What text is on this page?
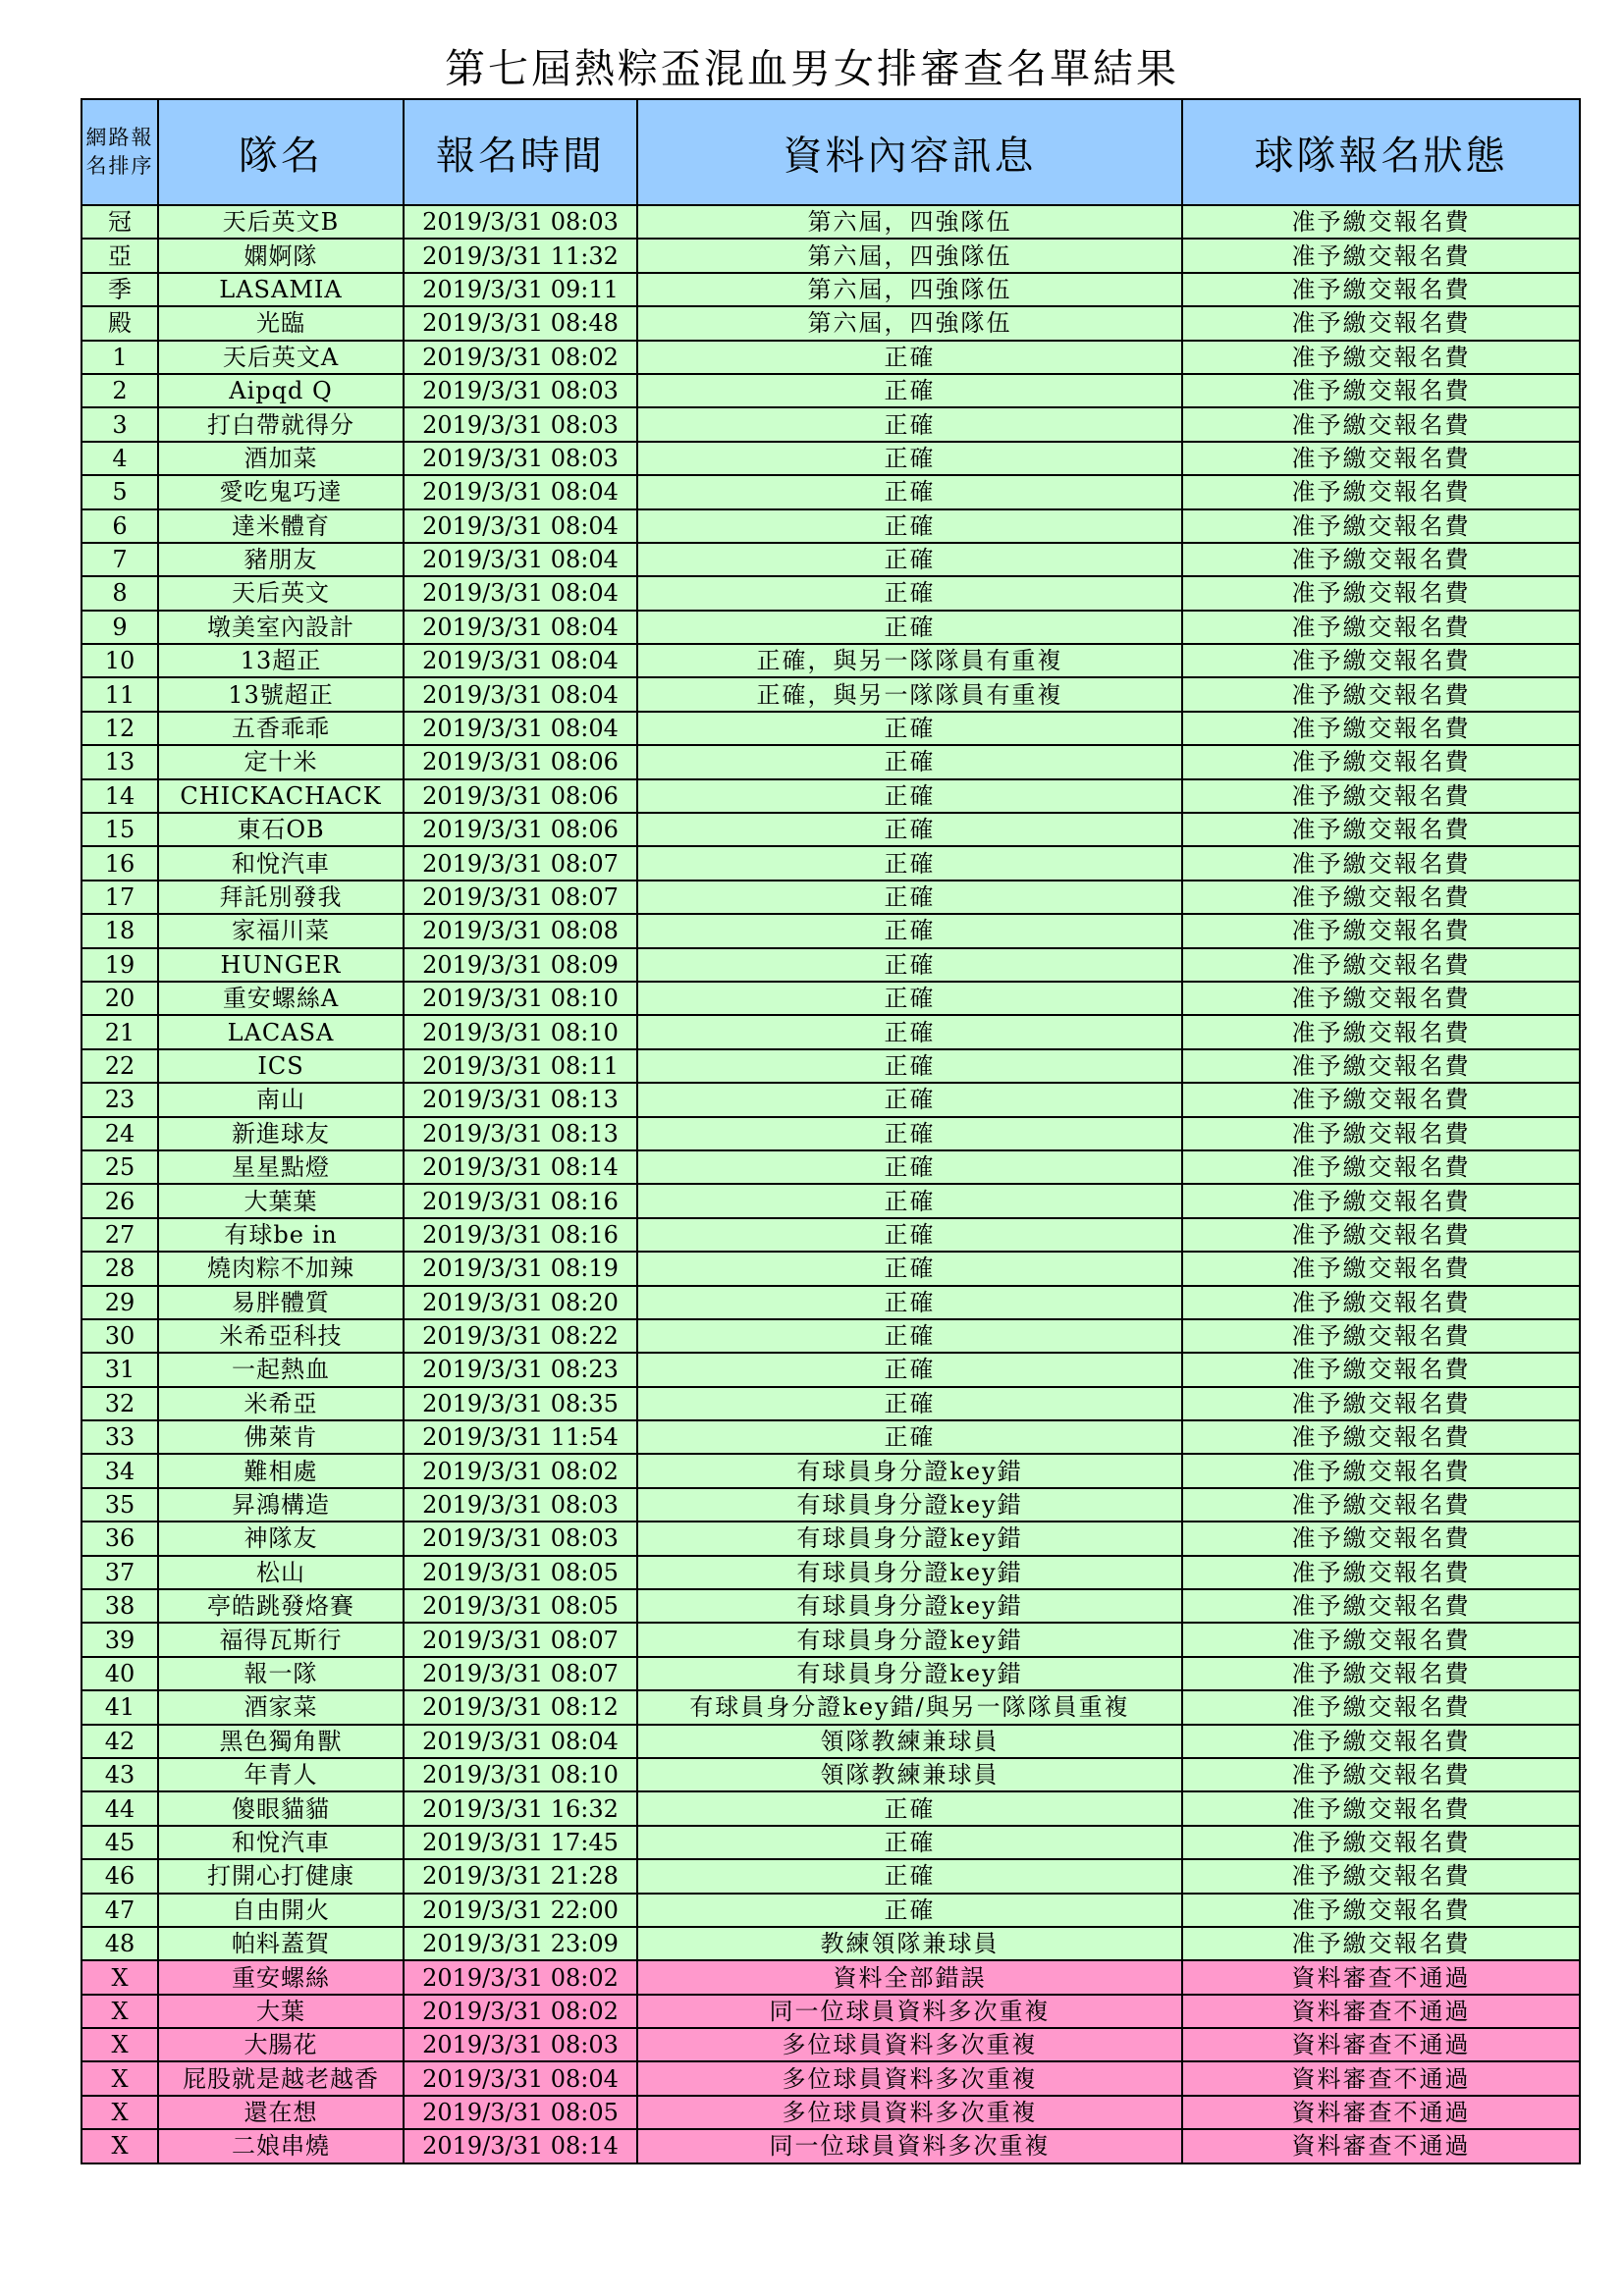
第七屆熱粽盃混血男女排審查名單結果
網路報名排序	隊名	報名時間	資料內容訊息	球隊報名狀態
冠	天后英文B	2019/3/31 08:03	第六屆，四強隊伍	准予繳交報名費
亞	嫻婀隊	2019/3/31 11:32	第六屆，四強隊伍	准予繳交報名費
季	LASAMIA	2019/3/31 09:11	第六屆，四強隊伍	准予繳交報名費
殿	光臨	2019/3/31 08:48	第六屆，四強隊伍	准予繳交報名費
1	天后英文A	2019/3/31 08:02	正確	准予繳交報名費
2	Aipqd Q	2019/3/31 08:03	正確	准予繳交報名費
3	打白帶就得分	2019/3/31 08:03	正確	准予繳交報名費
4	酒加菜	2019/3/31 08:03	正確	准予繳交報名費
5	愛吃鬼巧達	2019/3/31 08:04	正確	准予繳交報名費
6	達米體育	2019/3/31 08:04	正確	准予繳交報名費
7	豬朋友	2019/3/31 08:04	正確	准予繳交報名費
8	天后英文	2019/3/31 08:04	正確	准予繳交報名費
9	墩美室內設計	2019/3/31 08:04	正確	准予繳交報名費
10	13超正	2019/3/31 08:04	正確，與另一隊隊員有重複	准予繳交報名費
11	13號超正	2019/3/31 08:04	正確，與另一隊隊員有重複	准予繳交報名費
12	五香乖乖	2019/3/31 08:04	正確	准予繳交報名費
13	定十米	2019/3/31 08:06	正確	准予繳交報名費
14	CHICKACHACK	2019/3/31 08:06	正確	准予繳交報名費
15	東石OB	2019/3/31 08:06	正確	准予繳交報名費
16	和悅汽車	2019/3/31 08:07	正確	准予繳交報名費
17	拜託別發我	2019/3/31 08:07	正確	准予繳交報名費
18	家福川菜	2019/3/31 08:08	正確	准予繳交報名費
19	HUNGER	2019/3/31 08:09	正確	准予繳交報名費
20	重安螺絲A	2019/3/31 08:10	正確	准予繳交報名費
21	LACASA	2019/3/31 08:10	正確	准予繳交報名費
22	ICS	2019/3/31 08:11	正確	准予繳交報名費
23	南山	2019/3/31 08:13	正確	准予繳交報名費
24	新進球友	2019/3/31 08:13	正確	准予繳交報名費
25	星星點燈	2019/3/31 08:14	正確	准予繳交報名費
26	大葉葉	2019/3/31 08:16	正確	准予繳交報名費
27	有球be in	2019/3/31 08:16	正確	准予繳交報名費
28	燒肉粽不加辣	2019/3/31 08:19	正確	准予繳交報名費
29	易胖體質	2019/3/31 08:20	正確	准予繳交報名費
30	米希亞科技	2019/3/31 08:22	正確	准予繳交報名費
31	一起熱血	2019/3/31 08:23	正確	准予繳交報名費
32	米希亞	2019/3/31 08:35	正確	准予繳交報名費
33	佛萊肯	2019/3/31 11:54	正確	准予繳交報名費
34	難相處	2019/3/31 08:02	有球員身分證key錯	准予繳交報名費
35	昇鴻構造	2019/3/31 08:03	有球員身分證key錯	准予繳交報名費
36	神隊友	2019/3/31 08:03	有球員身分證key錯	准予繳交報名費
37	松山	2019/3/31 08:05	有球員身分證key錯	准予繳交報名費
38	亭皓跳發烙賽	2019/3/31 08:05	有球員身分證key錯	准予繳交報名費
39	福得瓦斯行	2019/3/31 08:07	有球員身分證key錯	准予繳交報名費
40	報一隊	2019/3/31 08:07	有球員身分證key錯	准予繳交報名費
41	酒家菜	2019/3/31 08:12	有球員身分證key錯/與另一隊隊員重複	准予繳交報名費
42	黑色獨角獸	2019/3/31 08:04	領隊教練兼球員	准予繳交報名費
43	年青人	2019/3/31 08:10	領隊教練兼球員	准予繳交報名費
44	傻眼貓貓	2019/3/31 16:32	正確	准予繳交報名費
45	和悅汽車	2019/3/31 17:45	正確	准予繳交報名費
46	打開心打健康	2019/3/31 21:28	正確	准予繳交報名費
47	自由開火	2019/3/31 22:00	正確	准予繳交報名費
48	帕料蓋賀	2019/3/31 23:09	教練領隊兼球員	准予繳交報名費
X	重安螺絲	2019/3/31 08:02	資料全部錯誤	資料審查不通過
X	大葉	2019/3/31 08:02	同一位球員資料多次重複	資料審查不通過
X	大腸花	2019/3/31 08:03	多位球員資料多次重複	資料審查不通過
X	屁股就是越老越香	2019/3/31 08:04	多位球員資料多次重複	資料審查不通過
X	還在想	2019/3/31 08:05	多位球員資料多次重複	資料審查不通過
X	二娘串燒	2019/3/31 08:14	同一位球員資料多次重複	資料審查不通過
